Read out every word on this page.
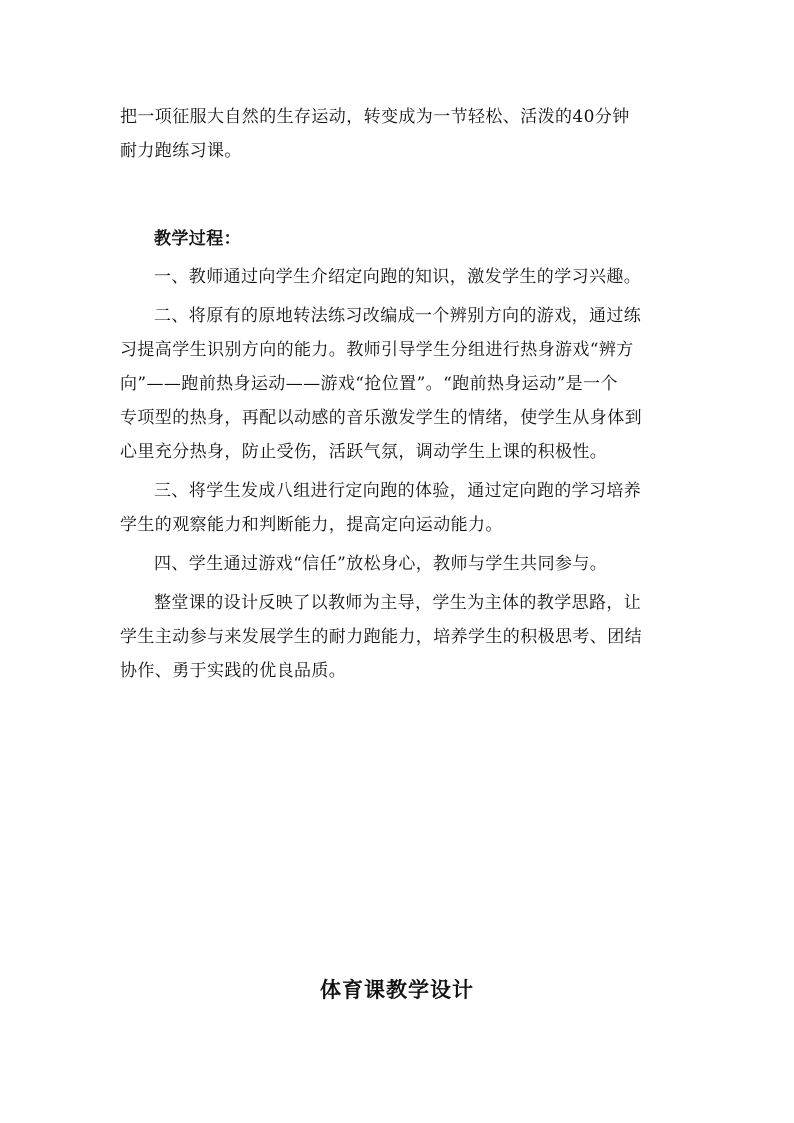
把一项征服大自然的生存运动，转变成为一节轻松、活泼的40分钟
耐力跑练习课。
教学过程：
一、教师通过向学生介绍定向跑的知识，激发学生的学习兴趣。
二、将原有的原地转法练习改编成一个辨别方向的游戏，通过练
习提高学生识别方向的能力。教师引导学生分组进行热身游戏“辨方
向”——跑前热身运动——游戏“抢位置”。“跑前热身运动”是一个
专项型的热身，再配以动感的音乐激发学生的情绪，使学生从身体到
心里充分热身，防止受伤，活跃气氛，调动学生上课的积极性。
三、将学生发成八组进行定向跑的体验，通过定向跑的学习培养
学生的观察能力和判断能力，提高定向运动能力。
四、学生通过游戏“信任”放松身心，教师与学生共同参与。
整堂课的设计反映了以教师为主导，学生为主体的教学思路，让
学生主动参与来发展学生的耐力跑能力，培养学生的积极思考、团结
协作、勇于实践的优良品质。
体育课教学设计
